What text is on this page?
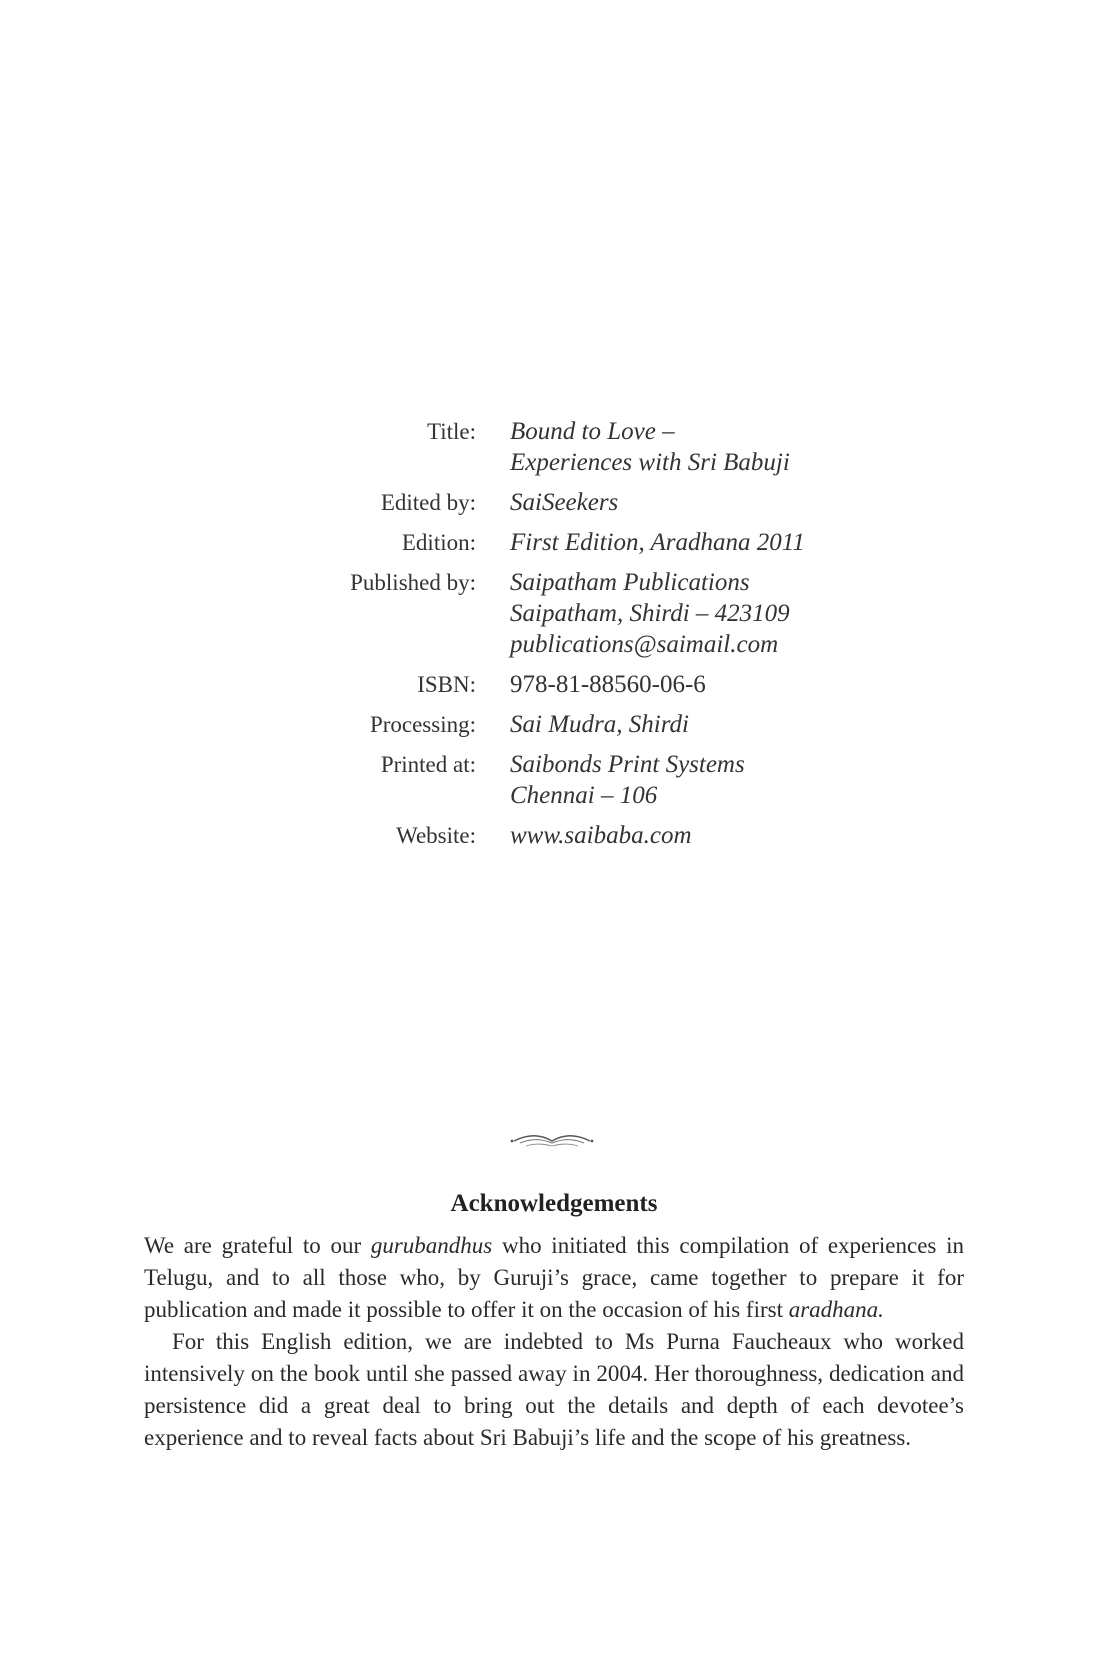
Title: Bound to Love –
Experiences with Sri Babuji
Edited by: SaiSeekers
Edition: First Edition, Aradhana 2011
Published by: Saipatham Publications
Saipatham, Shirdi – 423109
publications@saimail.com
ISBN: 978-81-88560-06-6
Processing: Sai Mudra, Shirdi
Printed at: Saibonds Print Systems
Chennai – 106
Website: www.saibaba.com
Acknowledgements

We are grateful to our gurubandhus who initiated this compilation of experiences in Telugu, and to all those who, by Guruji’s grace, came together to prepare it for publication and made it possible to offer it on the occasion of his first aradhana.

For this English edition, we are indebted to Ms Purna Faucheaux who worked intensively on the book until she passed away in 2004. Her thoroughness, dedication and persistence did a great deal to bring out the details and depth of each devotee’s experience and to reveal facts about Sri Babuji’s life and the scope of his greatness.
